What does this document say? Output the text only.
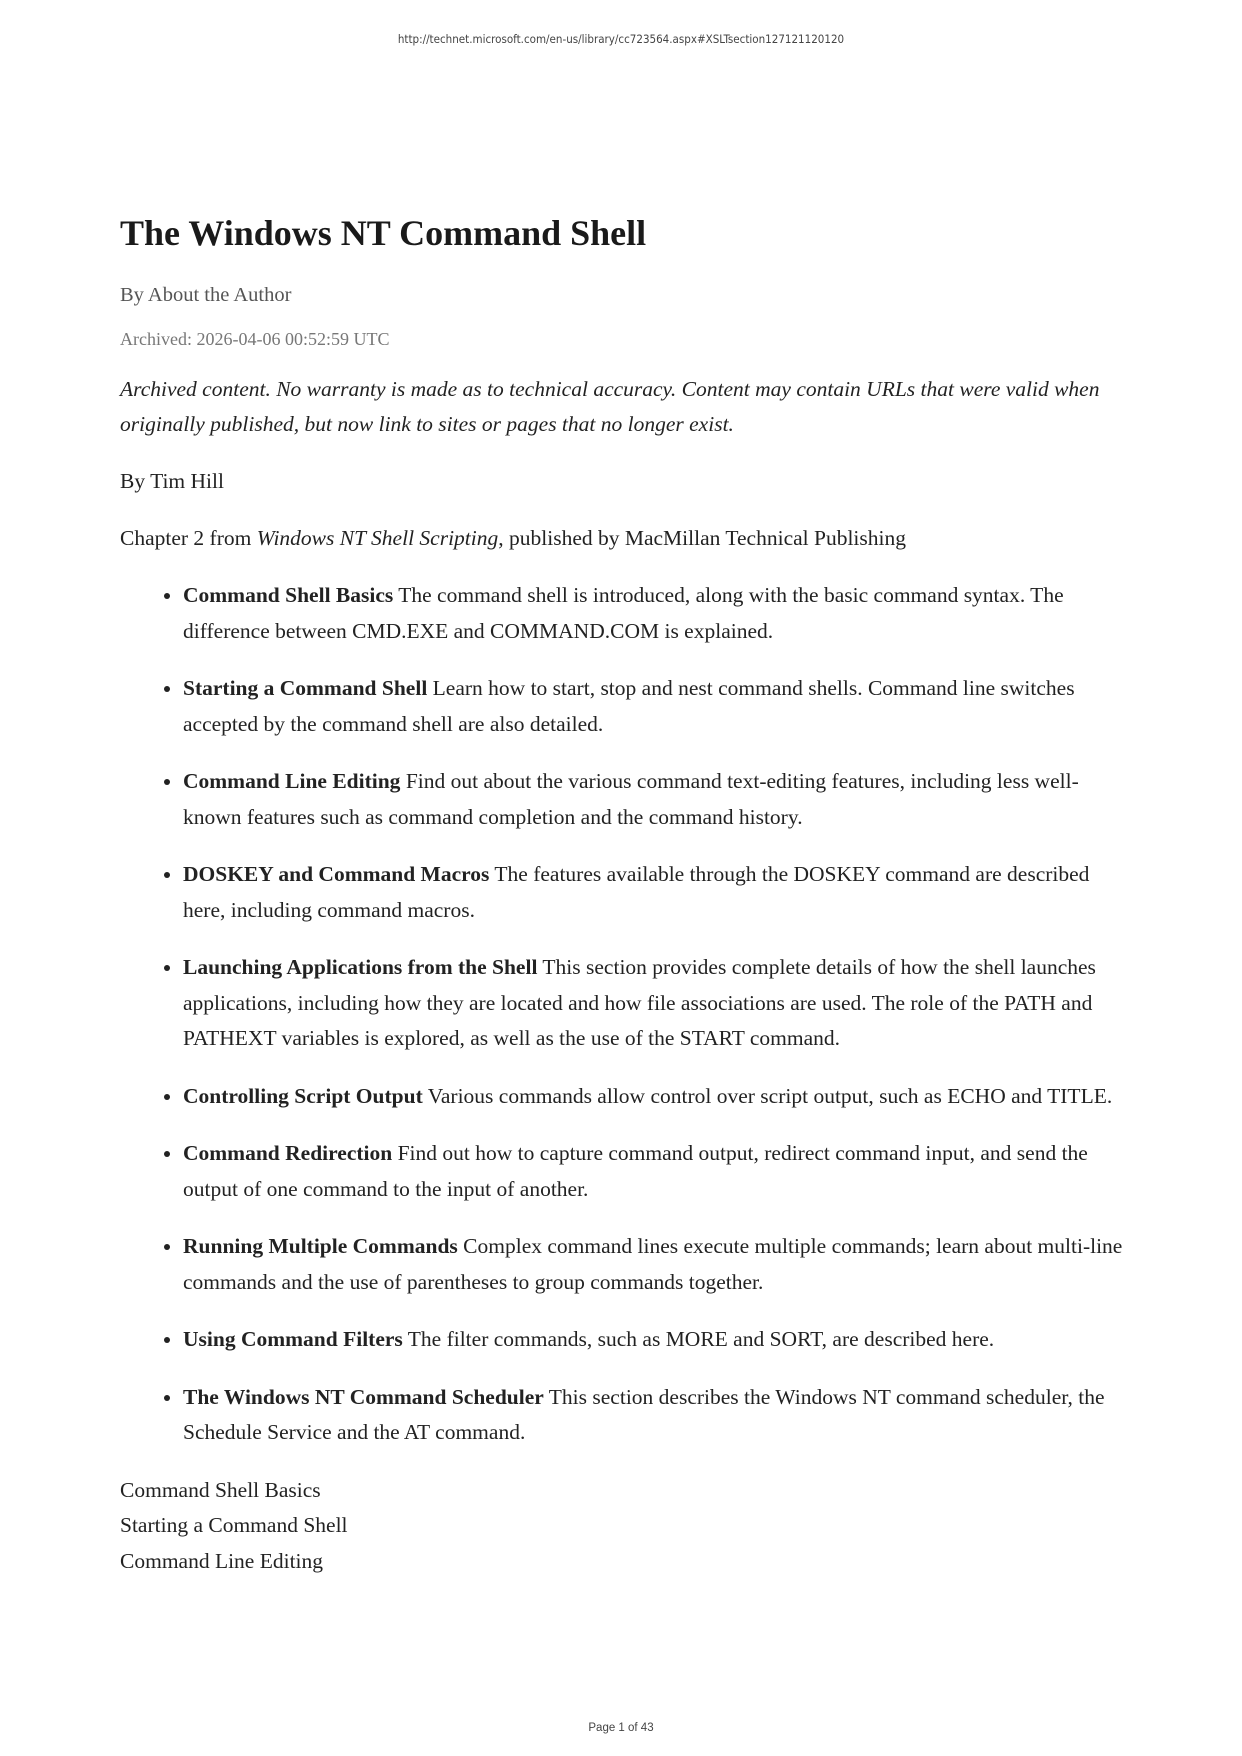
http://technet.microsoft.com/en-us/library/cc723564.aspx#XSLTsection127121120120
The Windows NT Command Shell
By About the Author
Archived: 2026-04-06 00:52:59 UTC

Archived content. No warranty is made as to technical accuracy. Content may contain URLs that were valid when originally published, but now link to sites or pages that no longer exist.

By Tim Hill

Chapter 2 from Windows NT Shell Scripting, published by MacMillan Technical Publishing

• Command Shell Basics The command shell is introduced, along with the basic command syntax. The difference between CMD.EXE and COMMAND.COM is explained.
• Starting a Command Shell Learn how to start, stop and nest command shells. Command line switches accepted by the command shell are also detailed.
• Command Line Editing Find out about the various command text-editing features, including less well-known features such as command completion and the command history.
• DOSKEY and Command Macros The features available through the DOSKEY command are described here, including command macros.
• Launching Applications from the Shell This section provides complete details of how the shell launches applications, including how they are located and how file associations are used. The role of the PATH and PATHEXT variables is explored, as well as the use of the START command.
• Controlling Script Output Various commands allow control over script output, such as ECHO and TITLE.
• Command Redirection Find out how to capture command output, redirect command input, and send the output of one command to the input of another.
• Running Multiple Commands Complex command lines execute multiple commands; learn about multi-line commands and the use of parentheses to group commands together.
• Using Command Filters The filter commands, such as MORE and SORT, are described here.
• The Windows NT Command Scheduler This section describes the Windows NT command scheduler, the Schedule Service and the AT command.
Command Shell Basics
Starting a Command Shell
Command Line Editing
Page 1 of 43
